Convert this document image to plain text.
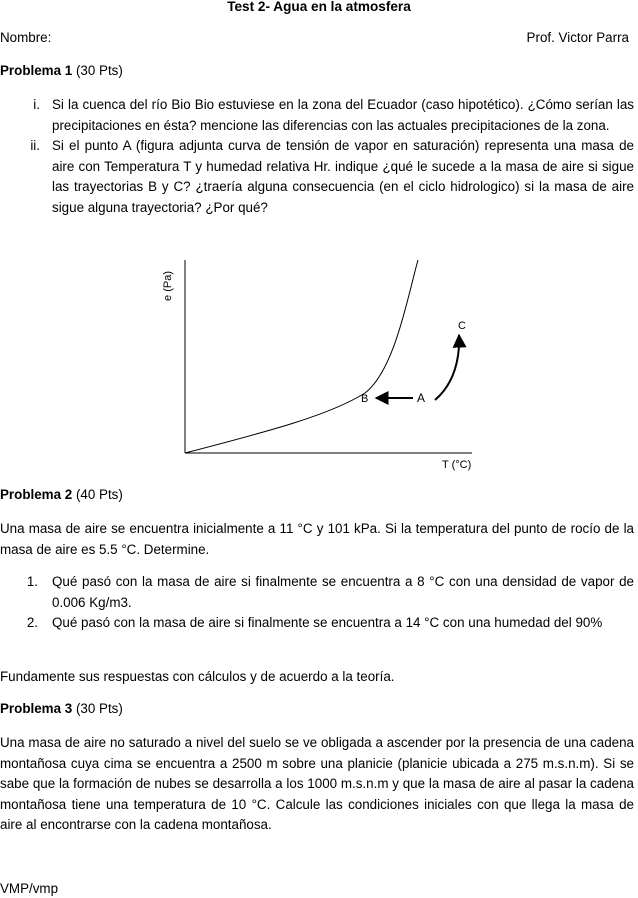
Test 2- Agua en la atmosfera
Nombre:	Prof. Victor Parra
Problema 1 (30 Pts)
i. Si la cuenca del río Bio Bio estuviese en la zona del Ecuador (caso hipotético). ¿Cómo serían las precipitaciones en ésta? mencione las diferencias con las actuales precipitaciones de la zona.
ii. Si el punto A (figura adjunta curva de tensión de vapor en saturación) representa una masa de aire con Temperatura T y humedad relativa Hr. indique ¿qué le sucede a la masa de aire si sigue las trayectorias B y C? ¿traería alguna consecuencia (en el ciclo hidrologico) si la masa de aire sigue alguna trayectoria? ¿Por qué?
e (Pa)
T (°C)
A
B
C
Problema 2 (40 Pts)
Una masa de aire se encuentra inicialmente a 11 °C y 101 kPa. Si la temperatura del punto de rocío de la masa de aire es 5.5 °C. Determine.
1. Qué pasó con la masa de aire si finalmente se encuentra a 8 °C con una densidad de vapor de 0.006 Kg/m3.
2. Qué pasó con la masa de aire si finalmente se encuentra a 14 °C con una humedad del 90%
Fundamente sus respuestas con cálculos y de acuerdo a la teoría.
Problema 3 (30 Pts)
Una masa de aire no saturado a nivel del suelo se ve obligada a ascender por la presencia de una cadena montañosa cuya cima se encuentra a 2500 m sobre una planicie (planicie ubicada a 275 m.s.n.m). Si se sabe que la formación de nubes se desarrolla a los 1000 m.s.n.m y que la masa de aire al pasar la cadena montañosa tiene una temperatura de 10 °C. Calcule las condiciones iniciales con que llega la masa de aire al encontrarse con la cadena montañosa.
VMP/vmp
